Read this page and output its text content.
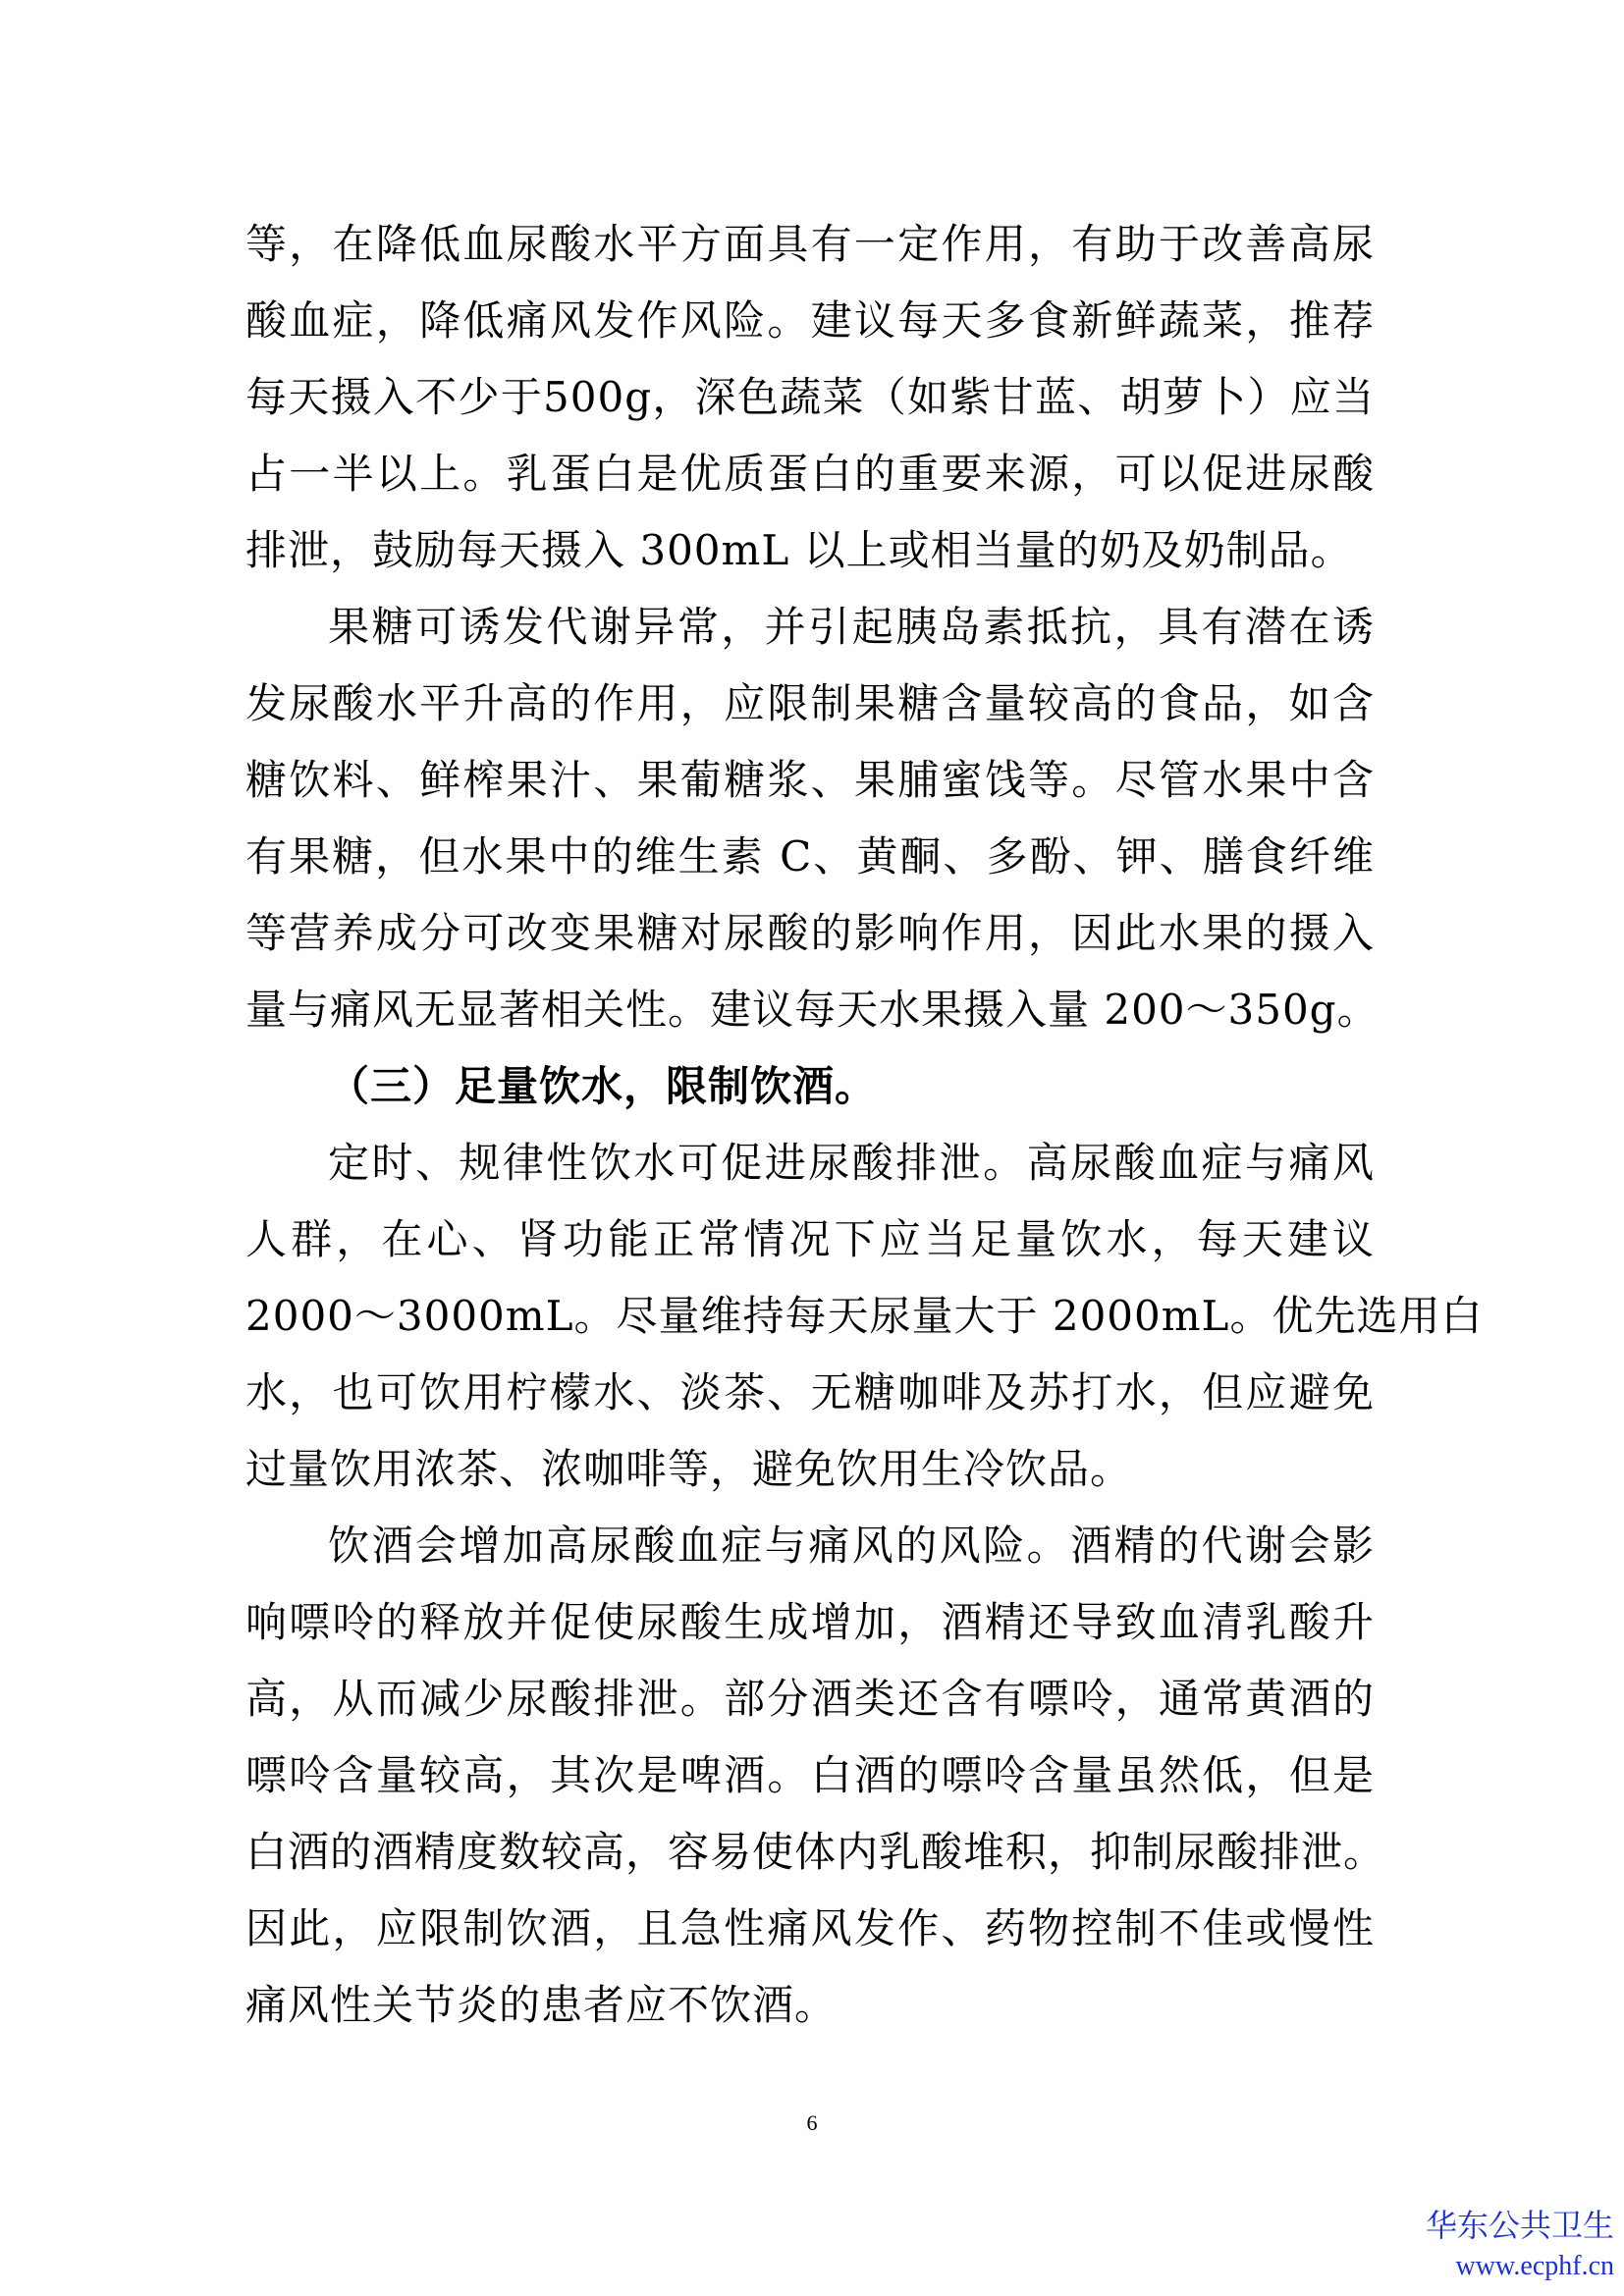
等，在降低血尿酸水平方面具有一定作用，有助于改善高尿
酸血症，降低痛风发作风险。建议每天多食新鲜蔬菜，推荐
每天摄入不少于500g，深色蔬菜（如紫甘蓝、胡萝卜）应当
占一半以上。乳蛋白是优质蛋白的重要来源，可以促进尿酸
排泄，鼓励每天摄入 300mL 以上或相当量的奶及奶制品。
果糖可诱发代谢异常，并引起胰岛素抵抗，具有潜在诱
发尿酸水平升高的作用，应限制果糖含量较高的食品，如含
糖饮料、鲜榨果汁、果葡糖浆、果脯蜜饯等。尽管水果中含
有果糖，但水果中的维生素 C、黄酮、多酚、钾、膳食纤维
等营养成分可改变果糖对尿酸的影响作用，因此水果的摄入
量与痛风无显著相关性。建议每天水果摄入量 200～350g。
（三）足量饮水，限制饮酒。
定时、规律性饮水可促进尿酸排泄。高尿酸血症与痛风
人群，在心、肾功能正常情况下应当足量饮水，每天建议
2000～3000mL。尽量维持每天尿量大于 2000mL。优先选用白
水，也可饮用柠檬水、淡茶、无糖咖啡及苏打水，但应避免
过量饮用浓茶、浓咖啡等，避免饮用生冷饮品。
饮酒会增加高尿酸血症与痛风的风险。酒精的代谢会影
响嘌呤的释放并促使尿酸生成增加，酒精还导致血清乳酸升
高，从而减少尿酸排泄。部分酒类还含有嘌呤，通常黄酒的
嘌呤含量较高，其次是啤酒。白酒的嘌呤含量虽然低，但是
白酒的酒精度数较高，容易使体内乳酸堆积，抑制尿酸排泄。
因此，应限制饮酒，且急性痛风发作、药物控制不佳或慢性
痛风性关节炎的患者应不饮酒。
6
华东公共卫生
www.ecphf.cn
